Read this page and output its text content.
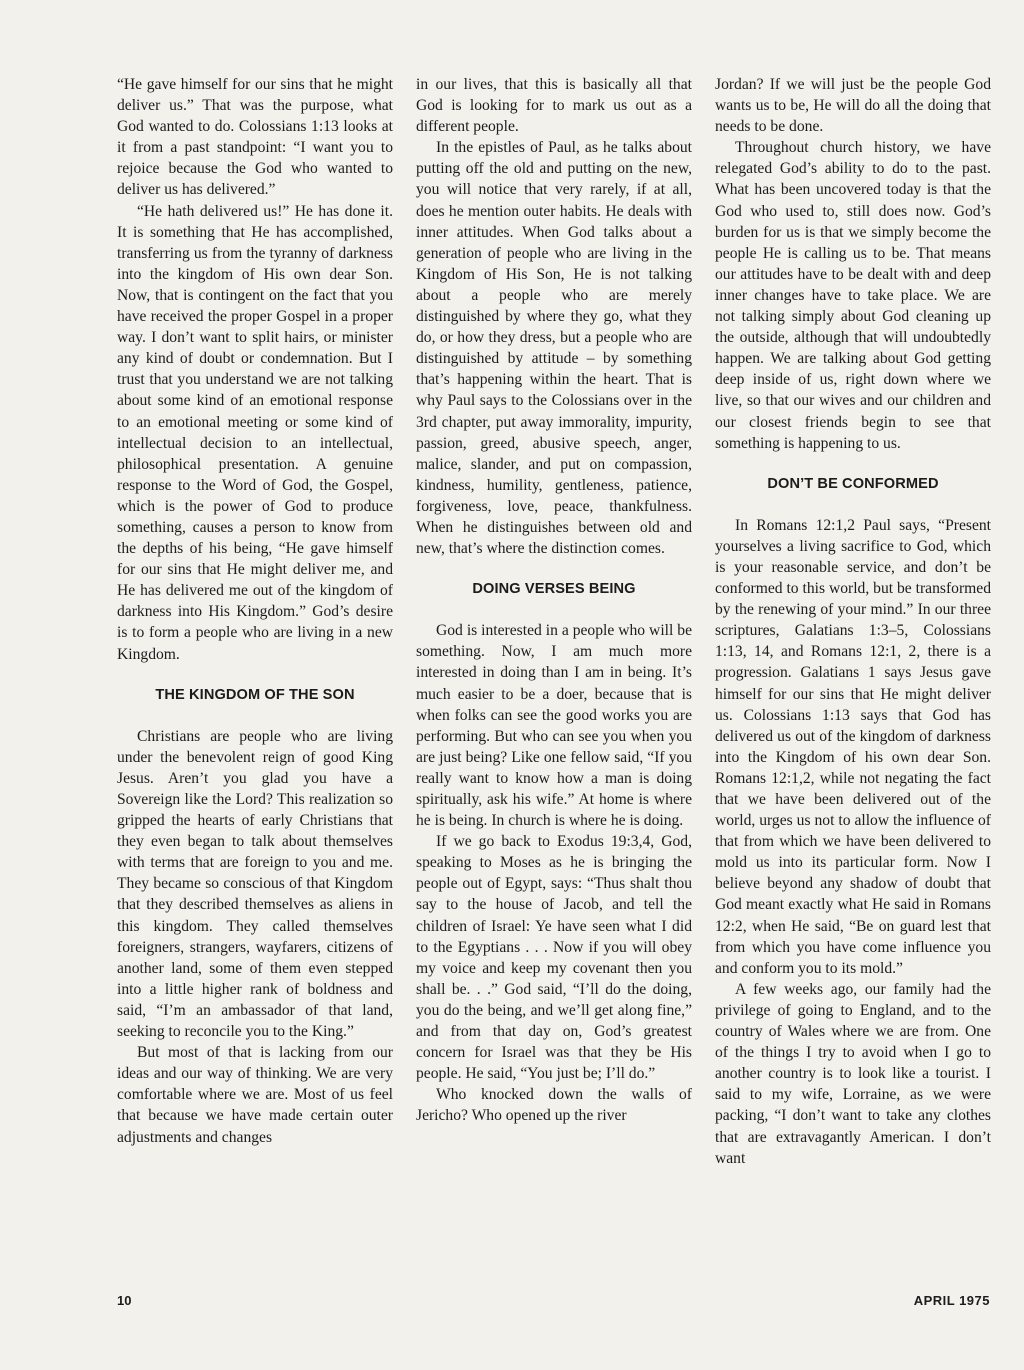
“He gave himself for our sins that he might deliver us.” That was the purpose, what God wanted to do. Colossians 1:13 looks at it from a past standpoint: “I want you to rejoice because the God who wanted to deliver us has delivered.”

“He hath delivered us!” He has done it. It is something that He has accomplished, transferring us from the tyranny of darkness into the kingdom of His own dear Son. Now, that is contingent on the fact that you have received the proper Gospel in a proper way. I don’t want to split hairs, or minister any kind of doubt or condemnation. But I trust that you understand we are not talking about some kind of an emotional response to an emotional meeting or some kind of intellectual decision to an intellectual, philosophical presentation. A genuine response to the Word of God, the Gospel, which is the power of God to produce something, causes a person to know from the depths of his being, “He gave himself for our sins that He might deliver me, and He has delivered me out of the kingdom of darkness into His Kingdom.” God’s desire is to form a people who are living in a new Kingdom.

THE KINGDOM OF THE SON

Christians are people who are living under the benevolent reign of good King Jesus. Aren’t you glad you have a Sovereign like the Lord? This realization so gripped the hearts of early Christians that they even began to talk about themselves with terms that are foreign to you and me. They became so conscious of that Kingdom that they described themselves as aliens in this kingdom. They called themselves foreigners, strangers, wayfarers, citizens of another land, some of them even stepped into a little higher rank of boldness and said, “I’m an ambassador of that land, seeking to reconcile you to the King.”

But most of that is lacking from our ideas and our way of thinking. We are very comfortable where we are. Most of us feel that because we have made certain outer adjustments and changes

in our lives, that this is basically all that God is looking for to mark us out as a different people.

In the epistles of Paul, as he talks about putting off the old and putting on the new, you will notice that very rarely, if at all, does he mention outer habits. He deals with inner attitudes. When God talks about a generation of people who are living in the Kingdom of His Son, He is not talking about a people who are merely distinguished by where they go, what they do, or how they dress, but a people who are distinguished by attitude – by something that’s happening within the heart. That is why Paul says to the Colossians over in the 3rd chapter, put away immorality, impurity, passion, greed, abusive speech, anger, malice, slander, and put on compassion, kindness, humility, gentleness, patience, forgiveness, love, peace, thankfulness. When he distinguishes between old and new, that’s where the distinction comes.

DOING VERSES BEING

God is interested in a people who will be something. Now, I am much more interested in doing than I am in being. It’s much easier to be a doer, because that is when folks can see the good works you are performing. But who can see you when you are just being? Like one fellow said, “If you really want to know how a man is doing spiritually, ask his wife.” At home is where he is being. In church is where he is doing.

If we go back to Exodus 19:3,4, God, speaking to Moses as he is bringing the people out of Egypt, says: “Thus shalt thou say to the house of Jacob, and tell the children of Israel: Ye have seen what I did to the Egyptians . . . Now if you will obey my voice and keep my covenant then you shall be. . .” God said, “I’ll do the doing, you do the being, and we’ll get along fine,” and from that day on, God’s greatest concern for Israel was that they be His people. He said, “You just be; I’ll do.”

Who knocked down the walls of Jericho? Who opened up the river

Jordan? If we will just be the people God wants us to be, He will do all the doing that needs to be done.

Throughout church history, we have relegated God’s ability to do to the past. What has been uncovered today is that the God who used to, still does now. God’s burden for us is that we simply become the people He is calling us to be. That means our attitudes have to be dealt with and deep inner changes have to take place. We are not talking simply about God cleaning up the outside, although that will undoubtedly happen. We are talking about God getting deep inside of us, right down where we live, so that our wives and our children and our closest friends begin to see that something is happening to us.

DON’T BE CONFORMED

In Romans 12:1,2 Paul says, “Present yourselves a living sacrifice to God, which is your reasonable service, and don’t be conformed to this world, but be transformed by the renewing of your mind.” In our three scriptures, Galatians 1:3–5, Colossians 1:13, 14, and Romans 12:1, 2, there is a progression. Galatians 1 says Jesus gave himself for our sins that He might deliver us. Colossians 1:13 says that God has delivered us out of the kingdom of darkness into the Kingdom of his own dear Son. Romans 12:1,2, while not negating the fact that we have been delivered out of the world, urges us not to allow the influence of that from which we have been delivered to mold us into its particular form. Now I believe beyond any shadow of doubt that God meant exactly what He said in Romans 12:2, when He said, “Be on guard lest that from which you have come influence you and conform you to its mold.”

A few weeks ago, our family had the privilege of going to England, and to the country of Wales where we are from. One of the things I try to avoid when I go to another country is to look like a tourist. I said to my wife, Lorraine, as we were packing, “I don’t want to take any clothes that are extravagantly American. I don’t want

10	APRIL 1975
